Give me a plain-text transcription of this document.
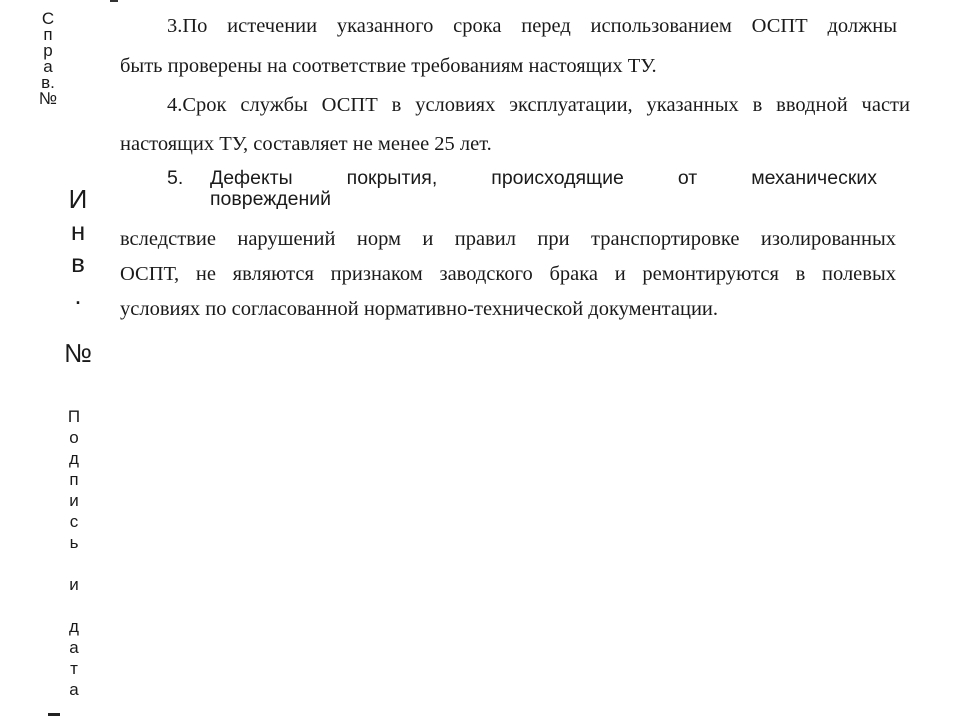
С
п
р
а
в.
№
И
н
в
.
№
П
о
д
п
и
с
ь
и
д
а
т
а
3.По истечении указанного срока перед использованием ОСПТ должны
быть проверены на соответствие требованиям настоящих ТУ.
4.Срок службы ОСПТ в условиях эксплуатации, указанных в вводной части
настоящих ТУ, составляет не менее 25 лет.
5.	Дефекты покрытия, происходящие от механических
повреждений
вследствие нарушений норм и правил при транспортировке изолированных
ОСПТ, не являются признаком заводского брака и ремонтируются в полевых
условиях по согласованной нормативно-технической документации.
